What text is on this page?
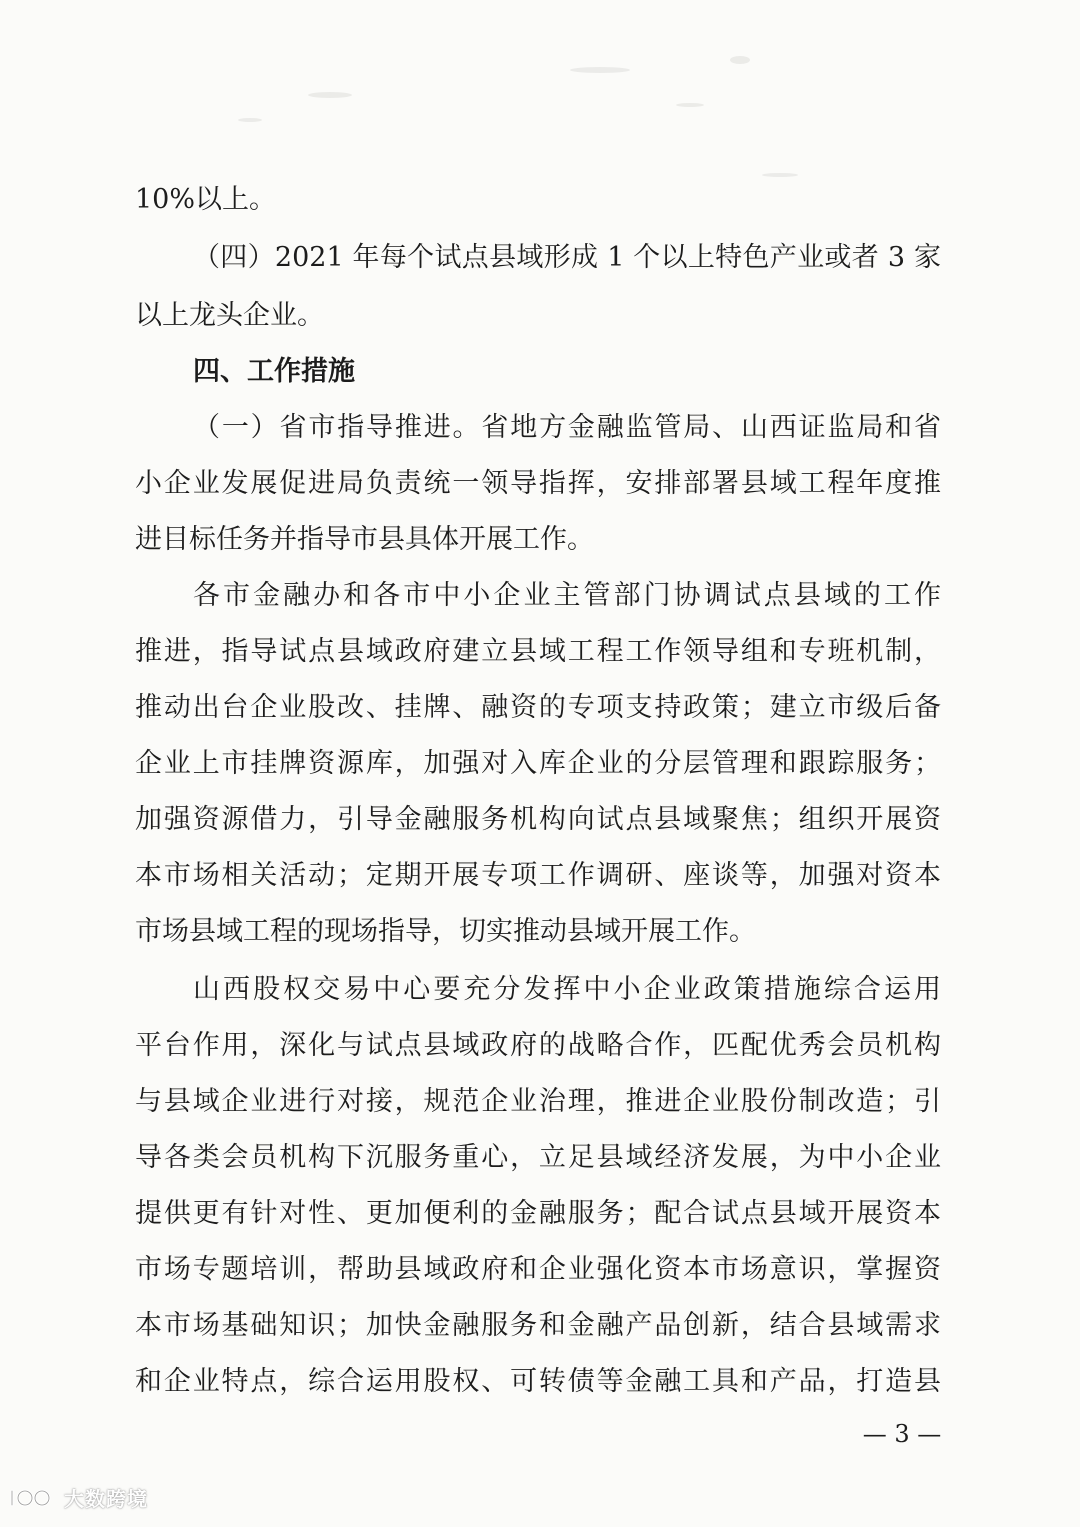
10%以上。
（四）2021 年每个试点县域形成 1 个以上特色产业或者 3 家
以上龙头企业。
四、工作措施
（一）省市指导推进。省地方金融监管局、山西证监局和省
小企业发展促进局负责统一领导指挥，安排部署县域工程年度推
进目标任务并指导市县具体开展工作。
各市金融办和各市中小企业主管部门协调试点县域的工作
推进，指导试点县域政府建立县域工程工作领导组和专班机制，
推动出台企业股改、挂牌、融资的专项支持政策；建立市级后备
企业上市挂牌资源库，加强对入库企业的分层管理和跟踪服务；
加强资源借力，引导金融服务机构向试点县域聚焦；组织开展资
本市场相关活动；定期开展专项工作调研、座谈等，加强对资本
市场县域工程的现场指导，切实推动县域开展工作。
山西股权交易中心要充分发挥中小企业政策措施综合运用
平台作用，深化与试点县域政府的战略合作，匹配优秀会员机构
与县域企业进行对接，规范企业治理，推进企业股份制改造；引
导各类会员机构下沉服务重心，立足县域经济发展，为中小企业
提供更有针对性、更加便利的金融服务；配合试点县域开展资本
市场专题培训，帮助县域政府和企业强化资本市场意识，掌握资
本市场基础知识；加快金融服务和金融产品创新，结合县域需求
和企业特点，综合运用股权、可转债等金融工具和产品，打造县
— 3 —
大数跨境
